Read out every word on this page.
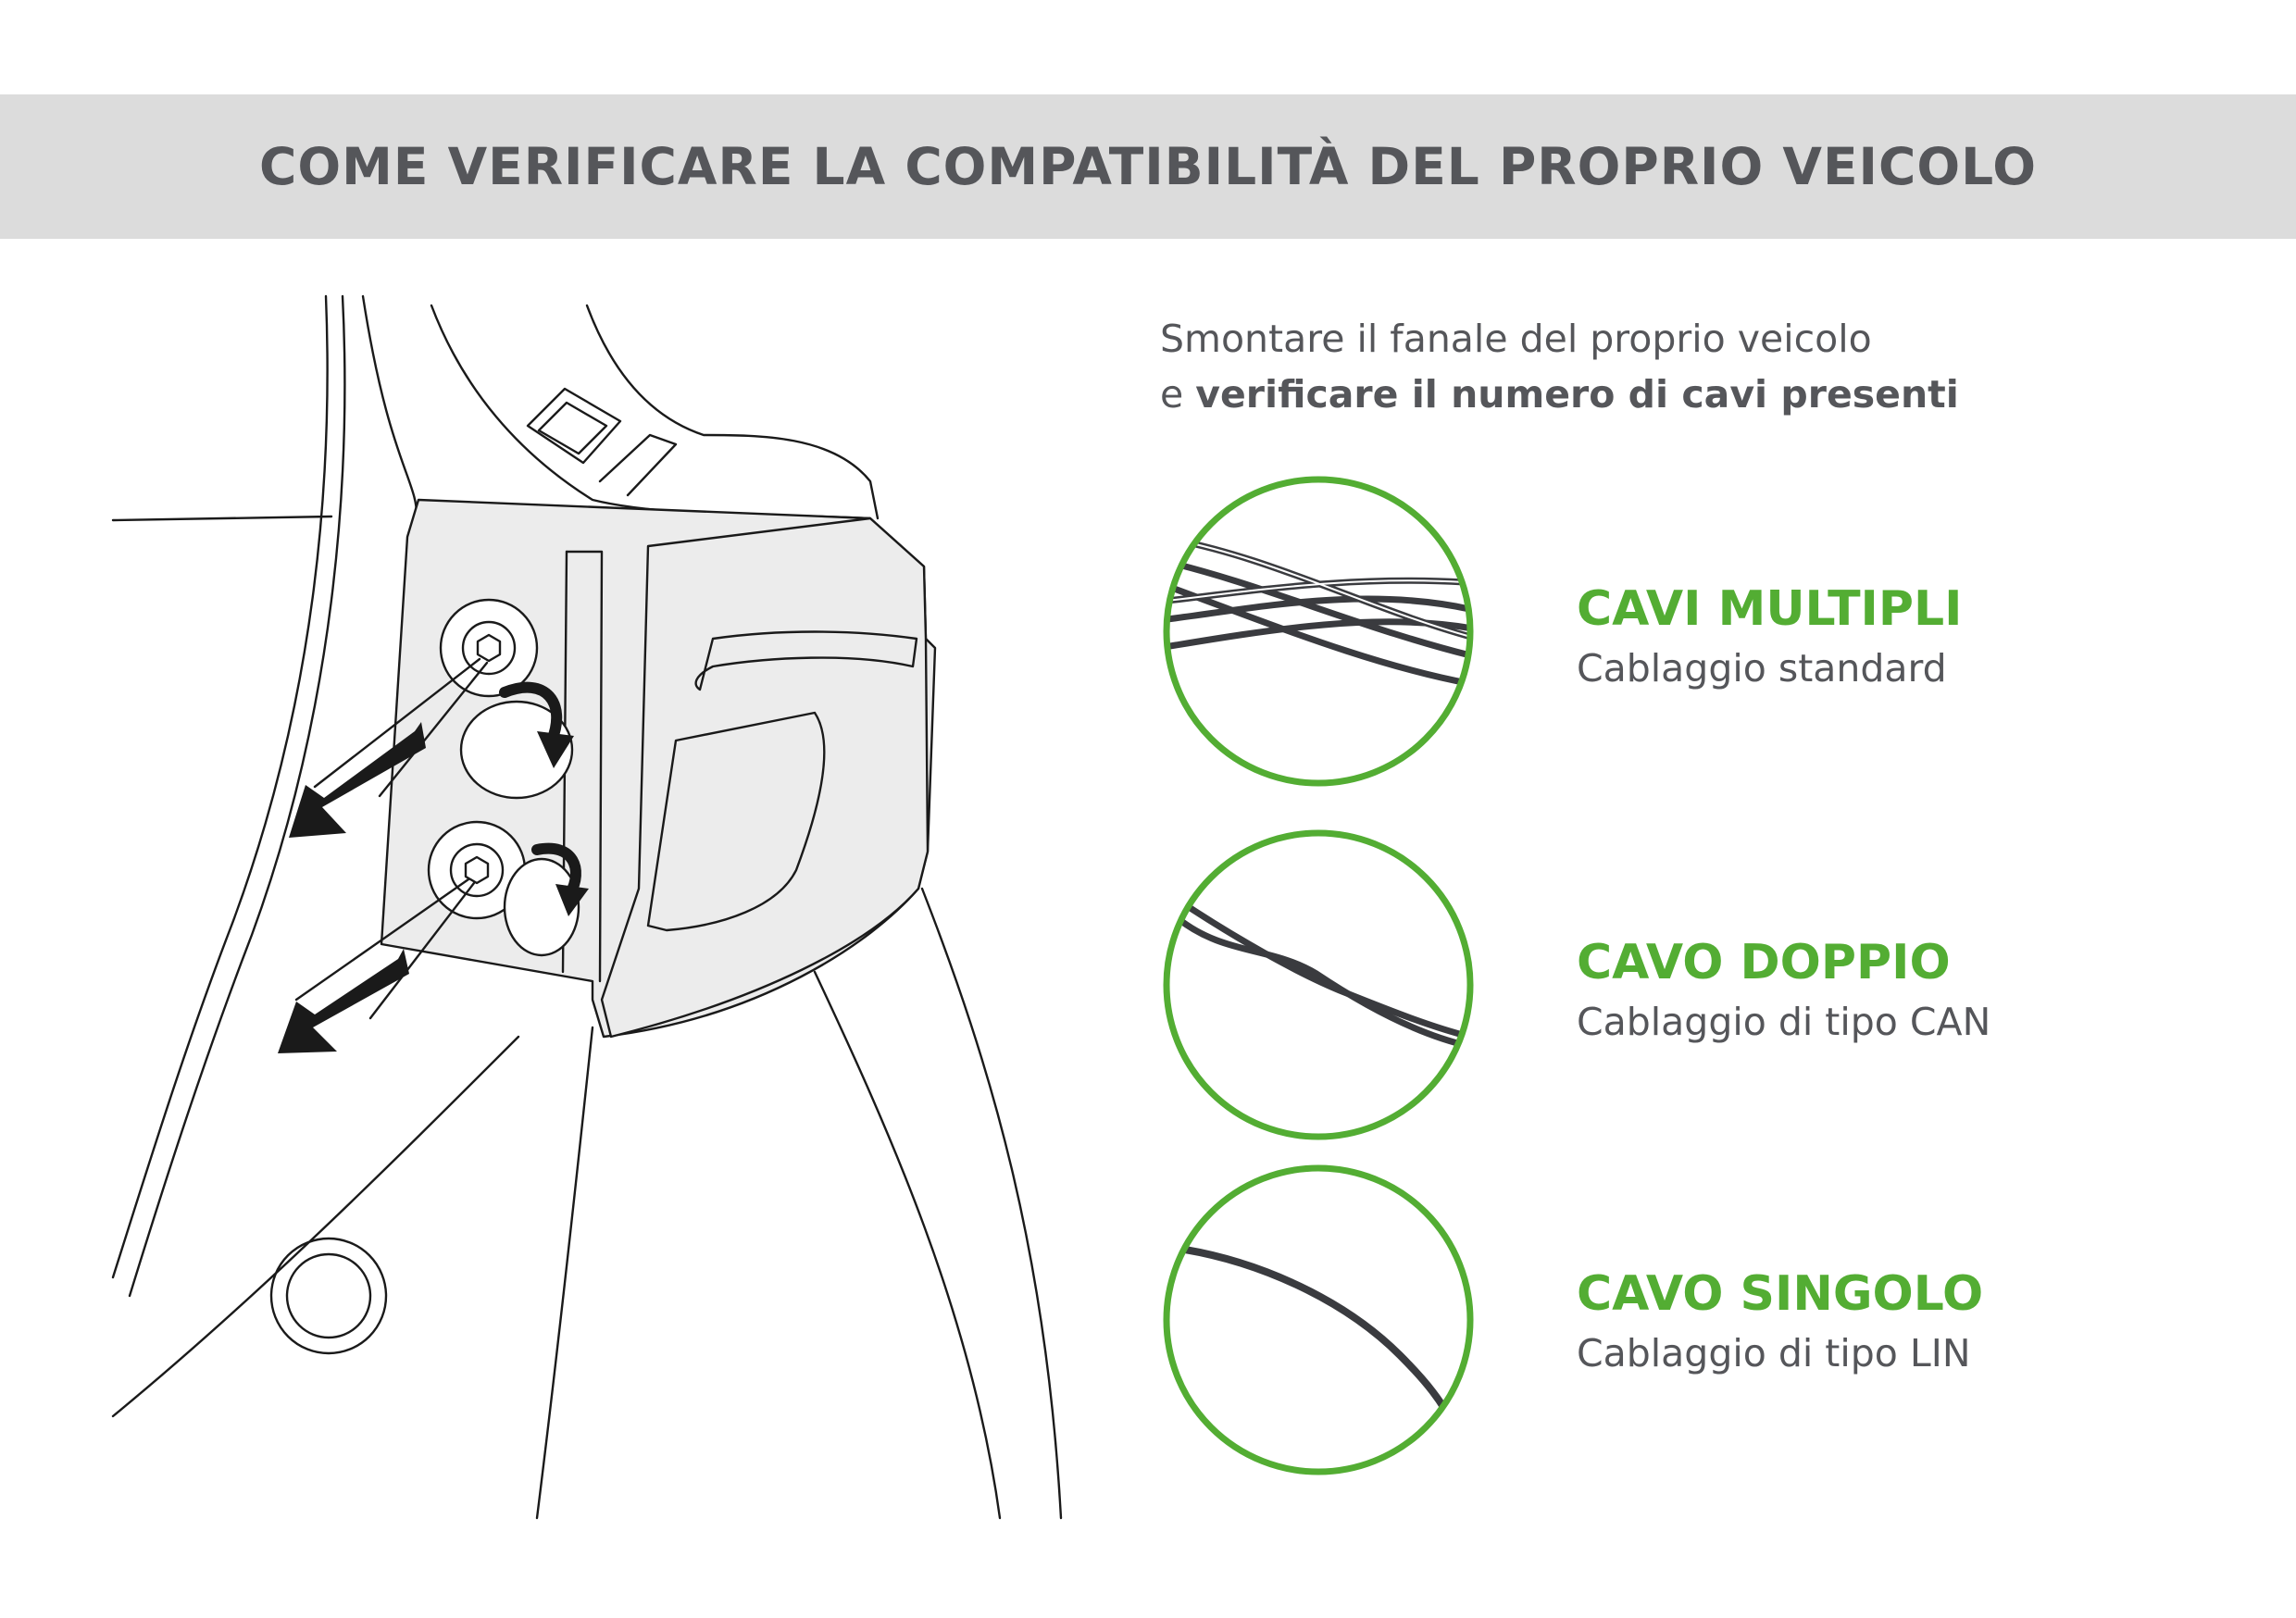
COME VERIFICARE LA COMPATIBILITÀ DEL PROPRIO VEICOLO
Smontare il fanale del proprio veicolo
e verificare il numero di cavi presenti
CAVI MULTIPLI
Cablaggio standard
CAVO DOPPIO
Cablaggio di tipo CAN
CAVO SINGOLO
Cablaggio di tipo LIN
